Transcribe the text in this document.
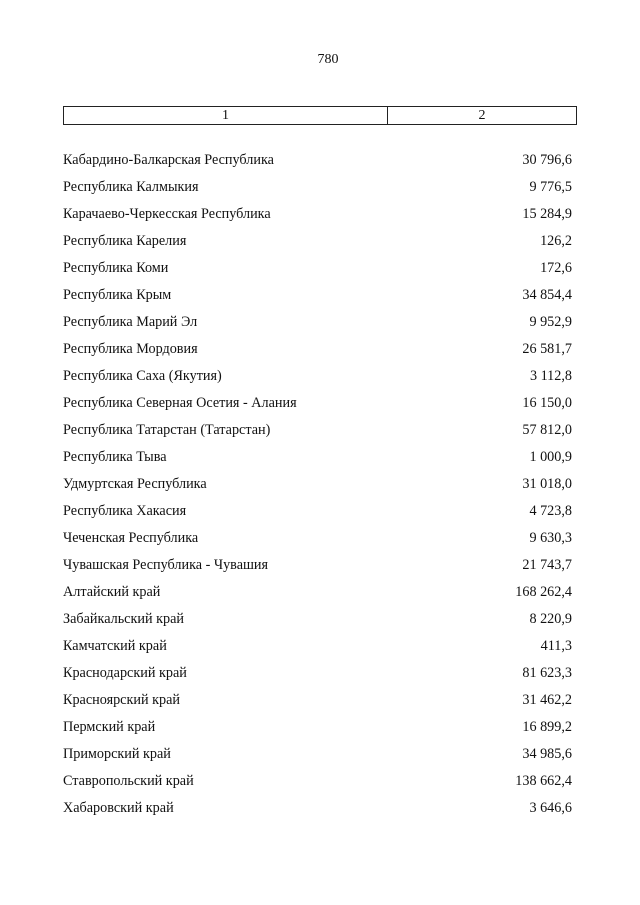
780
1	2
Кабардино-Балкарская Республика	30 796,6
Республика Калмыкия	9 776,5
Карачаево-Черкесская Республика	15 284,9
Республика Карелия	126,2
Республика Коми	172,6
Республика Крым	34 854,4
Республика Марий Эл	9 952,9
Республика Мордовия	26 581,7
Республика Саха (Якутия)	3 112,8
Республика Северная Осетия - Алания	16 150,0
Республика Татарстан (Татарстан)	57 812,0
Республика Тыва	1 000,9
Удмуртская Республика	31 018,0
Республика Хакасия	4 723,8
Чеченская Республика	9 630,3
Чувашская Республика - Чувашия	21 743,7
Алтайский край	168 262,4
Забайкальский край	8 220,9
Камчатский край	411,3
Краснодарский край	81 623,3
Красноярский край	31 462,2
Пермский край	16 899,2
Приморский край	34 985,6
Ставропольский край	138 662,4
Хабаровский край	3 646,6
